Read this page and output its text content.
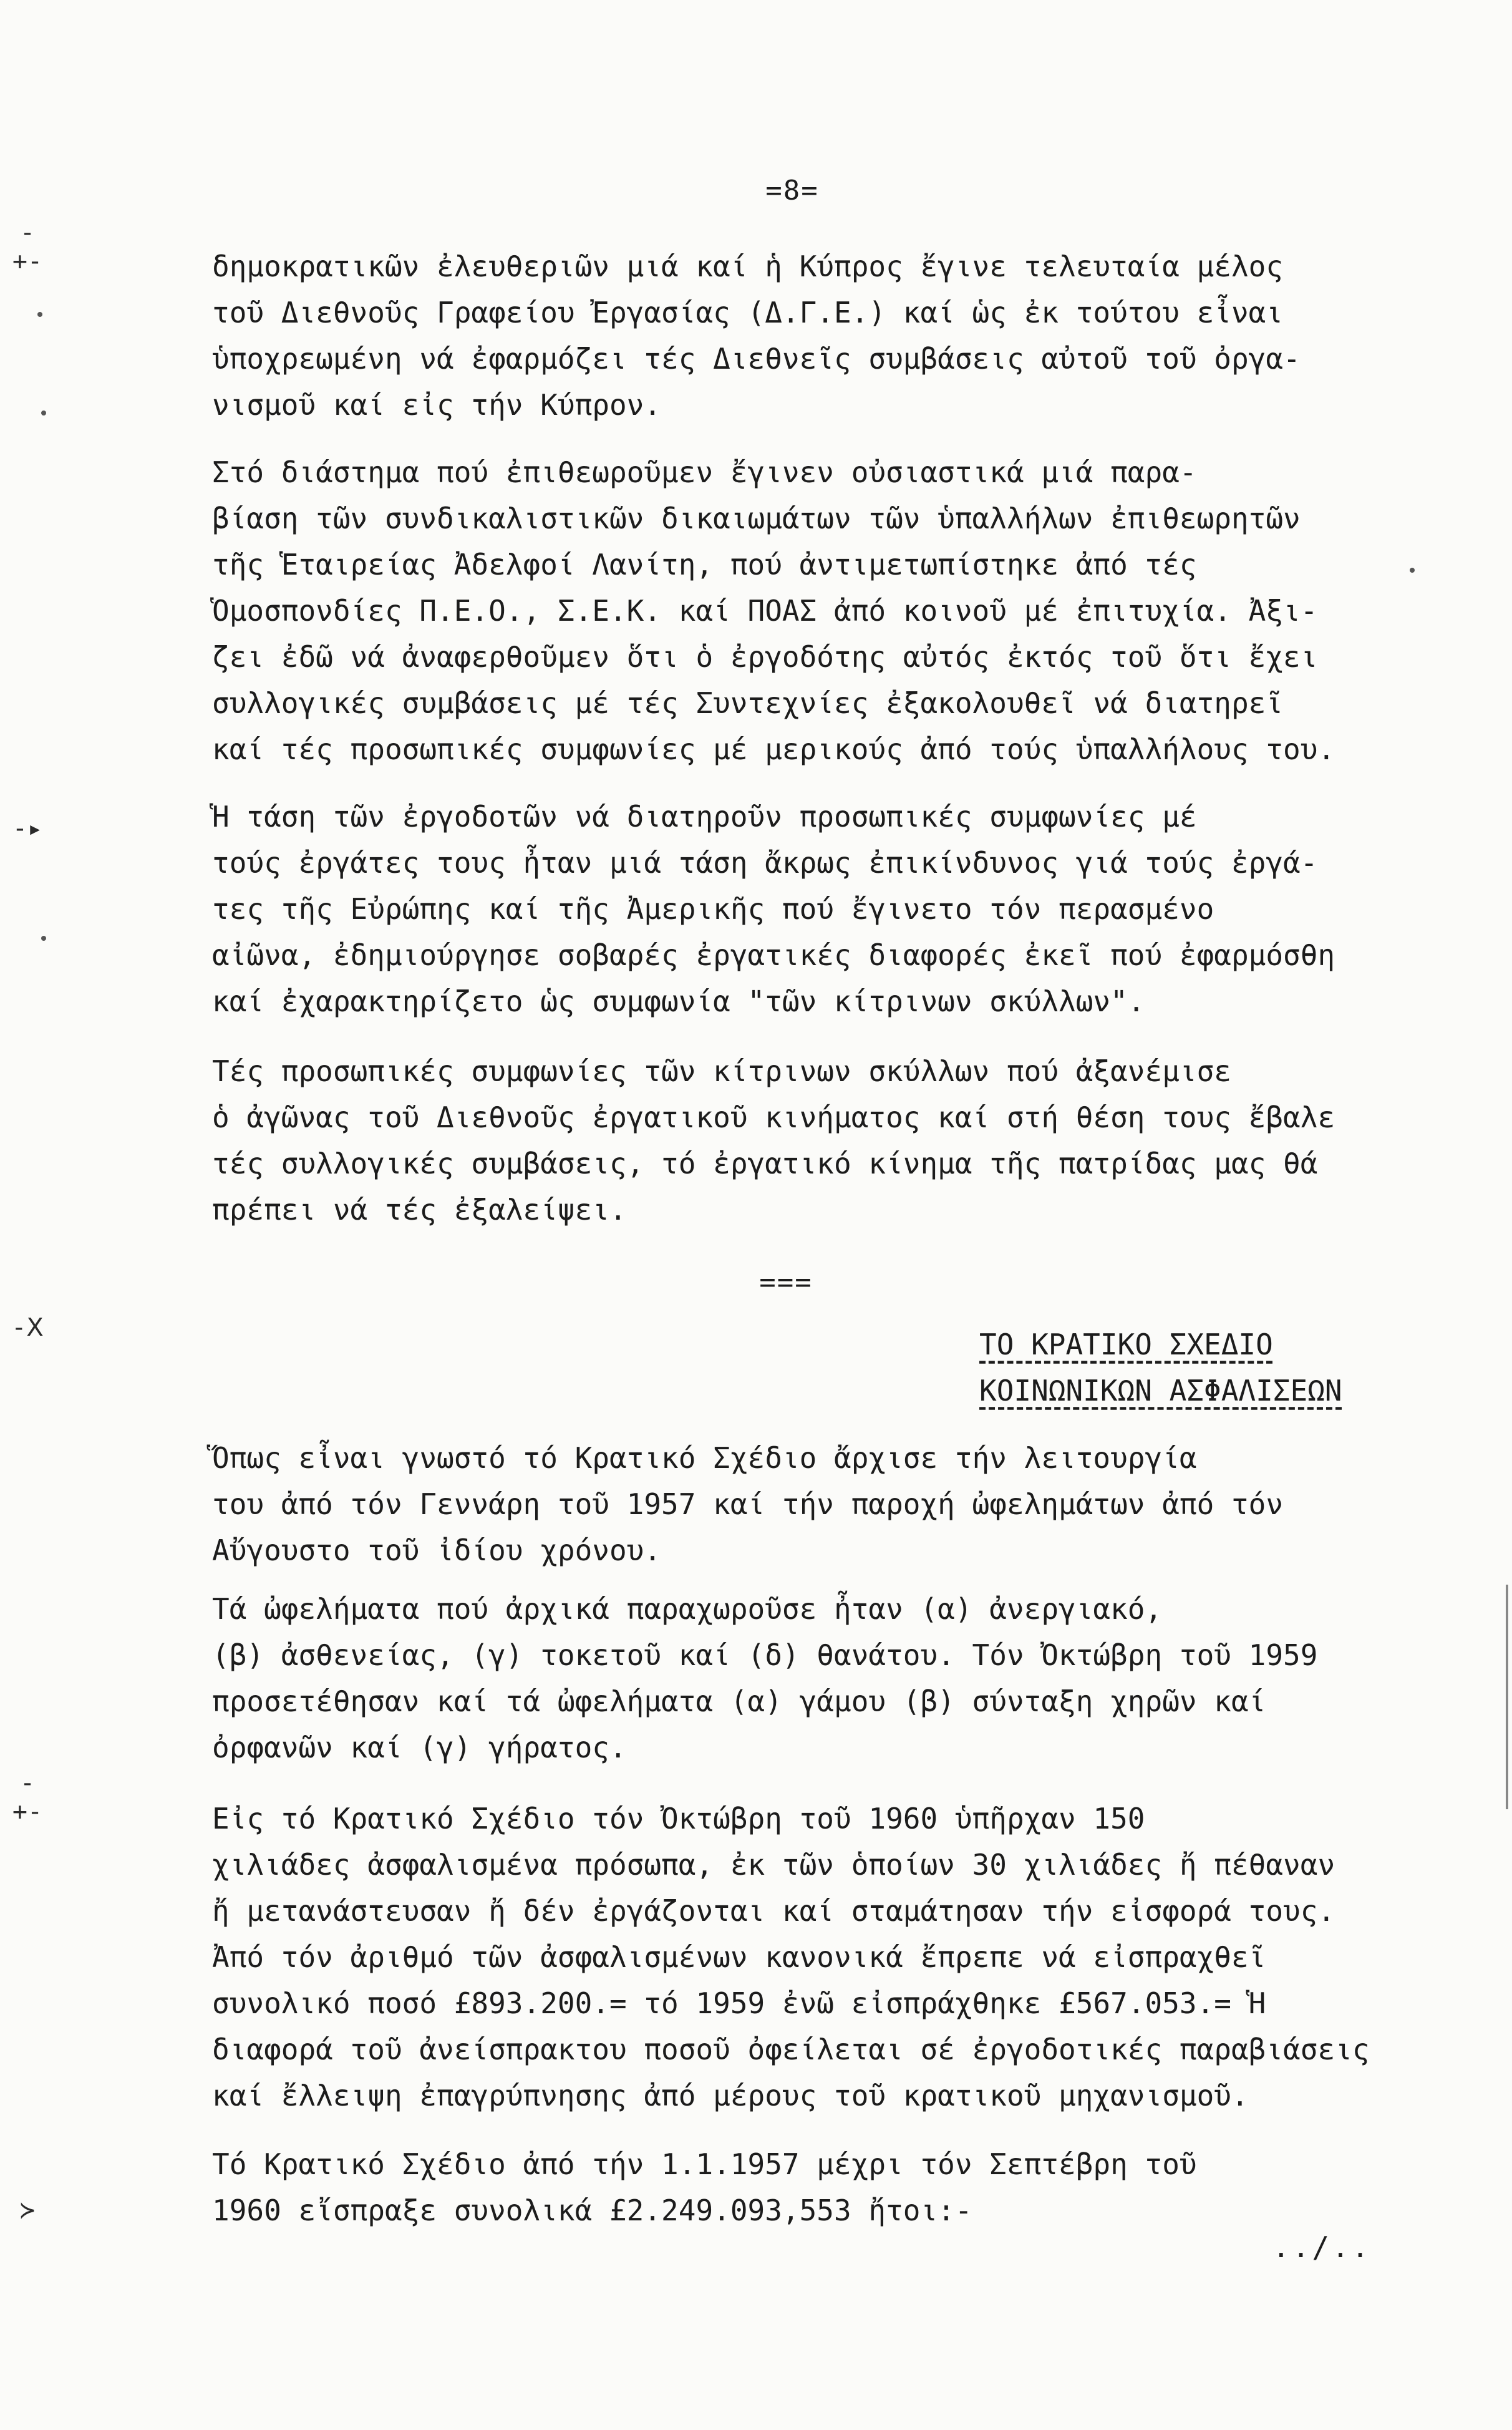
=8=

δημοκρατικῶν ἐλευθεριῶν μιά καί ἡ Κύπρος ἔγινε τελευταία μέλος
τοῦ Διεθνοῦς Γραφείου Ἐργασίας (Δ.Γ.Ε.) καί ὡς ἐκ τούτου εἶναι
ὑποχρεωμένη νά ἐφαρμόζει τές Διεθνεῖς συμβάσεις αὐτοῦ τοῦ ὀργα-
νισμοῦ καί εἰς τήν Κύπρον.

Στό διάστημα πού ἐπιθεωροῦμεν ἔγινεν οὐσιαστικά μιά παρα-
βίαση τῶν συνδικαλιστικῶν δικαιωμάτων τῶν ὑπαλλήλων ἐπιθεωρητῶν
τῆς Ἑταιρείας Ἀδελφοί Λανίτη, πού ἀντιμετωπίστηκε ἀπό τές
Ὁμοσπονδίες Π.Ε.Ο., Σ.Ε.Κ. καί ΠΟΑΣ ἀπό κοινοῦ μέ ἐπιτυχία. Ἀξι-
ζει ἐδῶ νά ἀναφερθοῦμεν ὅτι ὁ ἐργοδότης αὐτός ἐκτός τοῦ ὅτι ἔχει
συλλογικές συμβάσεις μέ τές Συντεχνίες ἐξακολουθεῖ νά διατηρεῖ
καί τές προσωπικές συμφωνίες μέ μερικούς ἀπό τούς ὑπαλλήλους του.

Ἡ τάση τῶν ἐργοδοτῶν νά διατηροῦν προσωπικές συμφωνίες μέ
τούς ἐργάτες τους ἦταν μιά τάση ἄκρως ἐπικίνδυνος γιά τούς ἐργά-
τες τῆς Εὐρώπης καί τῆς Ἀμερικῆς πού ἔγινετο τόν περασμένο
αἰῶνα, ἐδημιούργησε σοβαρές ἐργατικές διαφορές ἐκεῖ πού ἐφαρμόσθη
καί ἐχαρακτηρίζετο ὡς συμφωνία "τῶν κίτρινων σκύλλων".

Τές προσωπικές συμφωνίες τῶν κίτρινων σκύλλων πού ἀξανέμισε
ὁ ἀγῶνας τοῦ Διεθνοῦς ἐργατικοῦ κινήματος καί στή θέση τους ἔβαλε
τές συλλογικές συμβάσεις, τό ἐργατικό κίνημα τῆς πατρίδας μας θά
πρέπει νά τές ἐξαλείψει.

===
ΤΟ ΚΡΑΤΙΚΟ ΣΧΕΔΙΟ
ΚΟΙΝΩΝΙΚΩΝ ΑΣΦΑΛΙΣΕΩΝ

Ὅπως εἶναι γνωστό τό Κρατικό Σχέδιο ἄρχισε τήν λειτουργία
του ἀπό τόν Γεννάρη τοῦ 1957 καί τήν παροχή ὠφελημάτων ἀπό τόν
Αὔγουστο τοῦ ἰδίου χρόνου.

Τά ὠφελήματα πού ἀρχικά παραχωροῦσε ἦταν (α) ἀνεργιακό,
(β) ἀσθενείας, (γ) τοκετοῦ καί (δ) θανάτου. Τόν Ὀκτώβρη τοῦ 1959
προσετέθησαν καί τά ὠφελήματα (α) γάμου (β) σύνταξη χηρῶν καί
ὀρφανῶν καί (γ) γήρατος.

Εἰς τό Κρατικό Σχέδιο τόν Ὀκτώβρη τοῦ 1960 ὑπῆρχαν 150
χιλιάδες ἀσφαλισμένα πρόσωπα, ἐκ τῶν ὁποίων 30 χιλιάδες ἤ πέθαναν
ἤ μετανάστευσαν ἤ δέν ἐργάζονται καί σταμάτησαν τήν εἰσφορά τους.
Ἀπό τόν ἀριθμό τῶν ἀσφαλισμένων κανονικά ἔπρεπε νά εἰσπραχθεῖ
συνολικό ποσό £893.200.= τό 1959 ἐνῶ εἰσπράχθηκε £567.053.= Ἡ
διαφορά τοῦ ἀνείσπρακτου ποσοῦ ὀφείλεται σέ ἐργοδοτικές παραβιάσεις
καί ἔλλειψη ἐπαγρύπνησης ἀπό μέρους τοῦ κρατικοῦ μηχανισμοῦ.

Τό Κρατικό Σχέδιο ἀπό τήν 1.1.1957 μέχρι τόν Σεπτέβρη τοῦ
1960 εἴσπραξε συνολικά £2.249.093,553 ἤτοι:-

../..
-+-
-▸
-𝖷
-+-
≻
